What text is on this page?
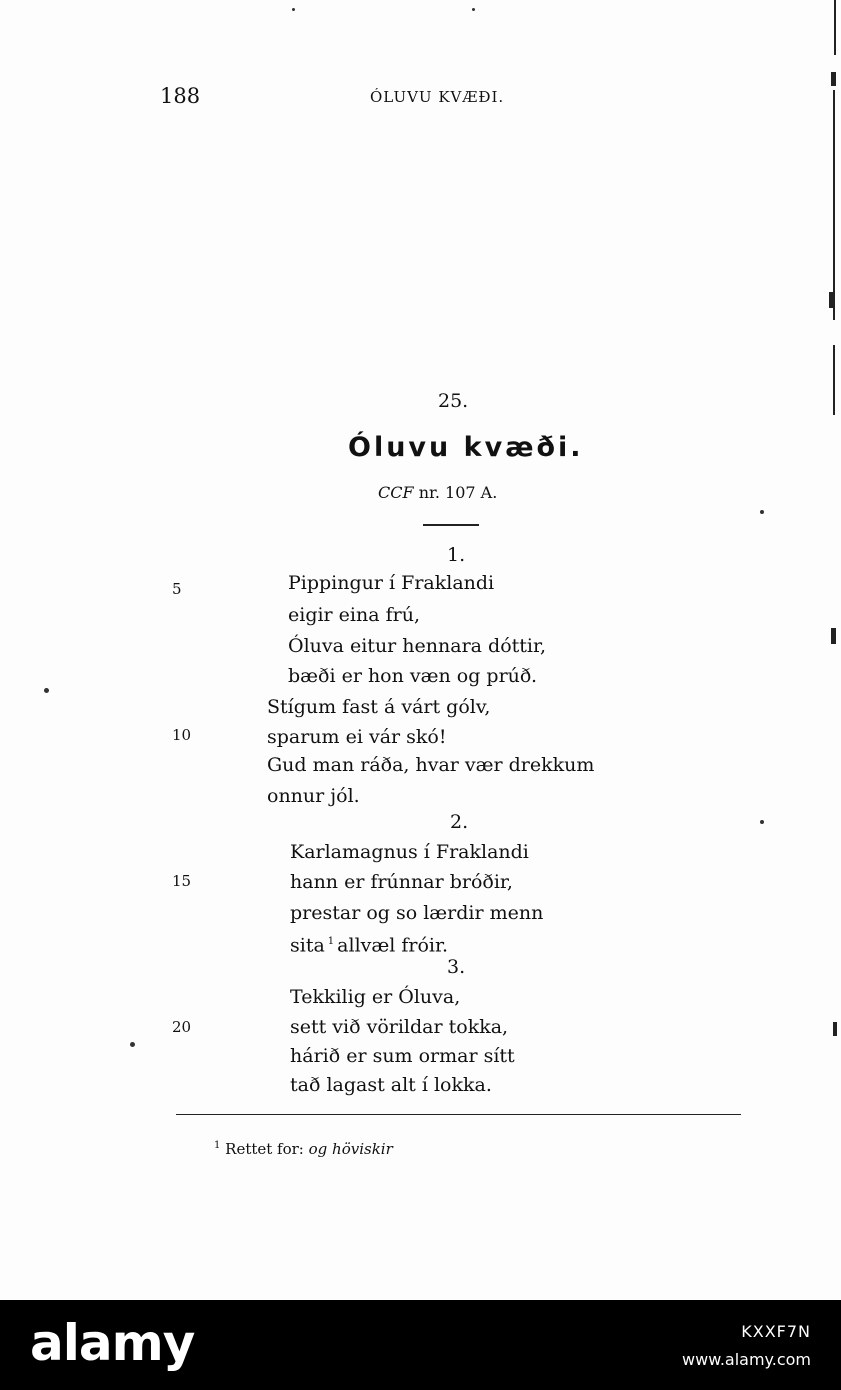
188	ÓLUVU KVÆÐI.
25.
Óluvu kvæði.
CCF nr. 107 A.
1.
Pippingur í Fraklandi
eigir eina frú,
Óluva eitur hennara dóttir,
bæði er hon væn og prúð.
Stígum fast á várt gólv,
sparum ei vár skó!
Gud man ráða, hvar vær drekkum
onnur jól.
2.
Karlamagnus í Fraklandi
hann er frúnnar bróðir,
prestar og so lærdir menn
sita $^1$ allvæl fróir.
3.
Tekkilig er Óluva,
sett við vörildar tokka,
hárið er sum ormar sítt
tað lagast alt í lokka.
5
10
15
20
$^1$ Rettet for: og höviskir
alamy	KXXF7N
www.alamy.com
